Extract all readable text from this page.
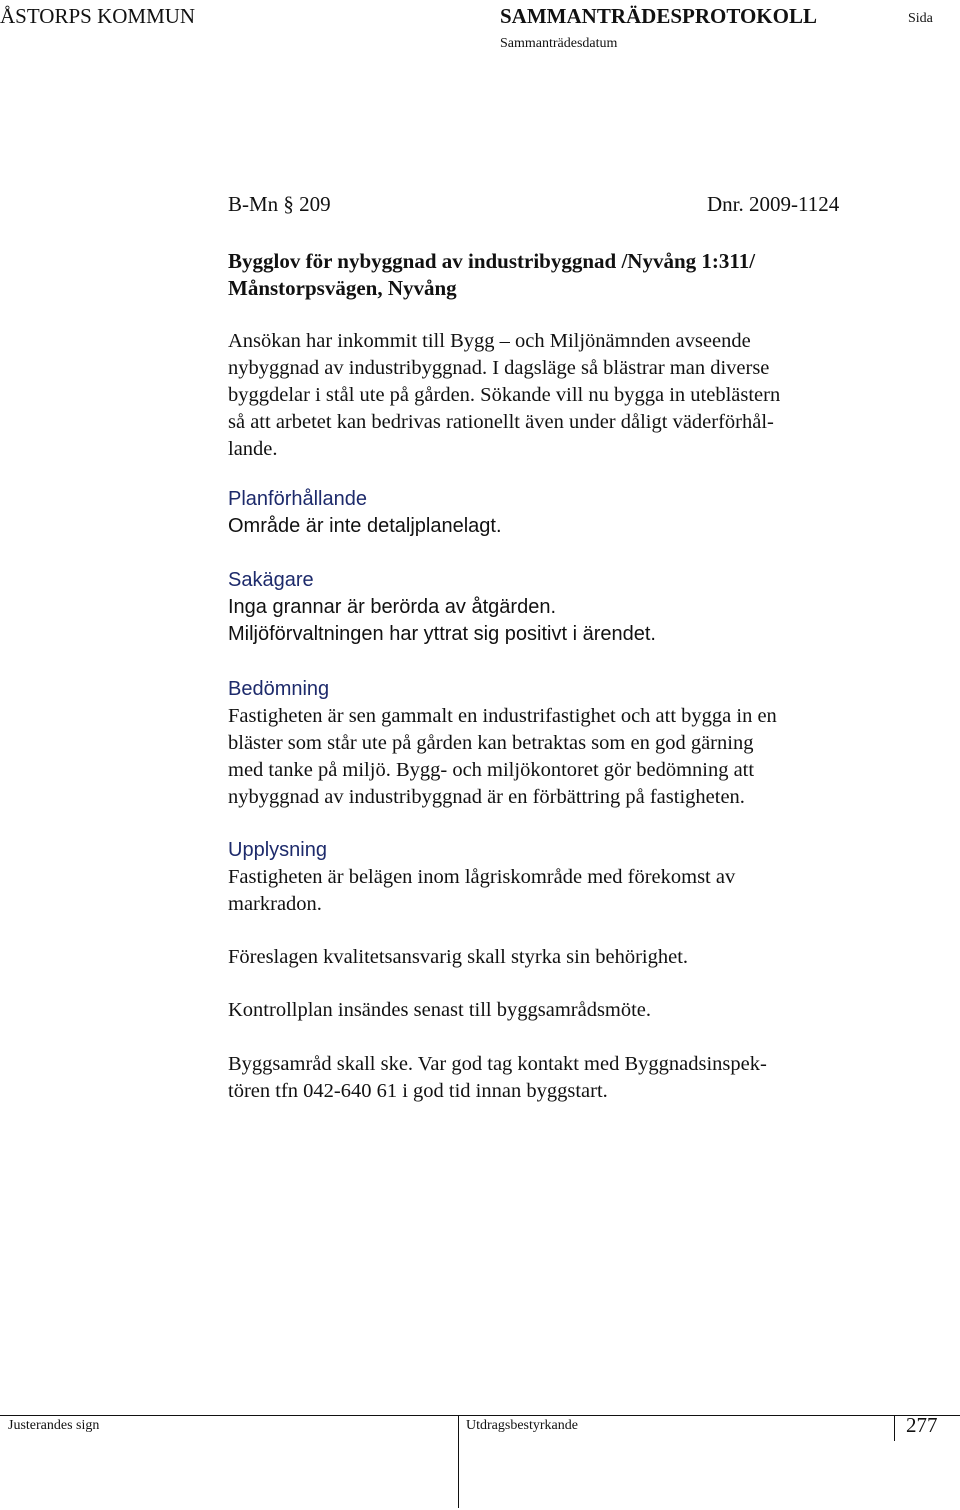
ÅSTORPS KOMMUN	SAMMANTRÄDESPROTOKOLL
Sammanträdesdatum
Sida
B-Mn § 209	Dnr. 2009-1124
Bygglov för nybyggnad av industribyggnad /Nyvång 1:311/
Månstorpsvägen, Nyvång
Ansökan har inkommit till Bygg – och Miljönämnden avseende
nybyggnad av industribyggnad. I dagsläge så blästrar man diverse
byggdelar i stål ute på gården. Sökande vill nu bygga in uteblästern
så att arbetet kan bedrivas rationellt även under dåligt väderförhål-
lande.
Planförhållande
Område är inte detaljplanelagt.
Sakägare
Inga grannar är berörda av åtgärden.
Miljöförvaltningen har yttrat sig positivt i ärendet.
Bedömning
Fastigheten är sen gammalt en industrifastighet och att bygga in en
bläster som står ute på gården kan betraktas som en god gärning
med tanke på miljö. Bygg- och miljökontoret gör bedömning att
nybyggnad av industribyggnad är en förbättring på fastigheten.
Upplysning
Fastigheten är belägen inom lågriskområde med förekomst av
markradon.
Föreslagen kvalitetsansvarig skall styrka sin behörighet.
Kontrollplan insändes senast till byggsamrådsmöte.
Byggsamråd skall ske. Var god tag kontakt med Byggnadsinspek-
tören tfn 042-640 61 i god tid innan byggstart.
Justerandes sign	Utdragsbestyrkande	277
